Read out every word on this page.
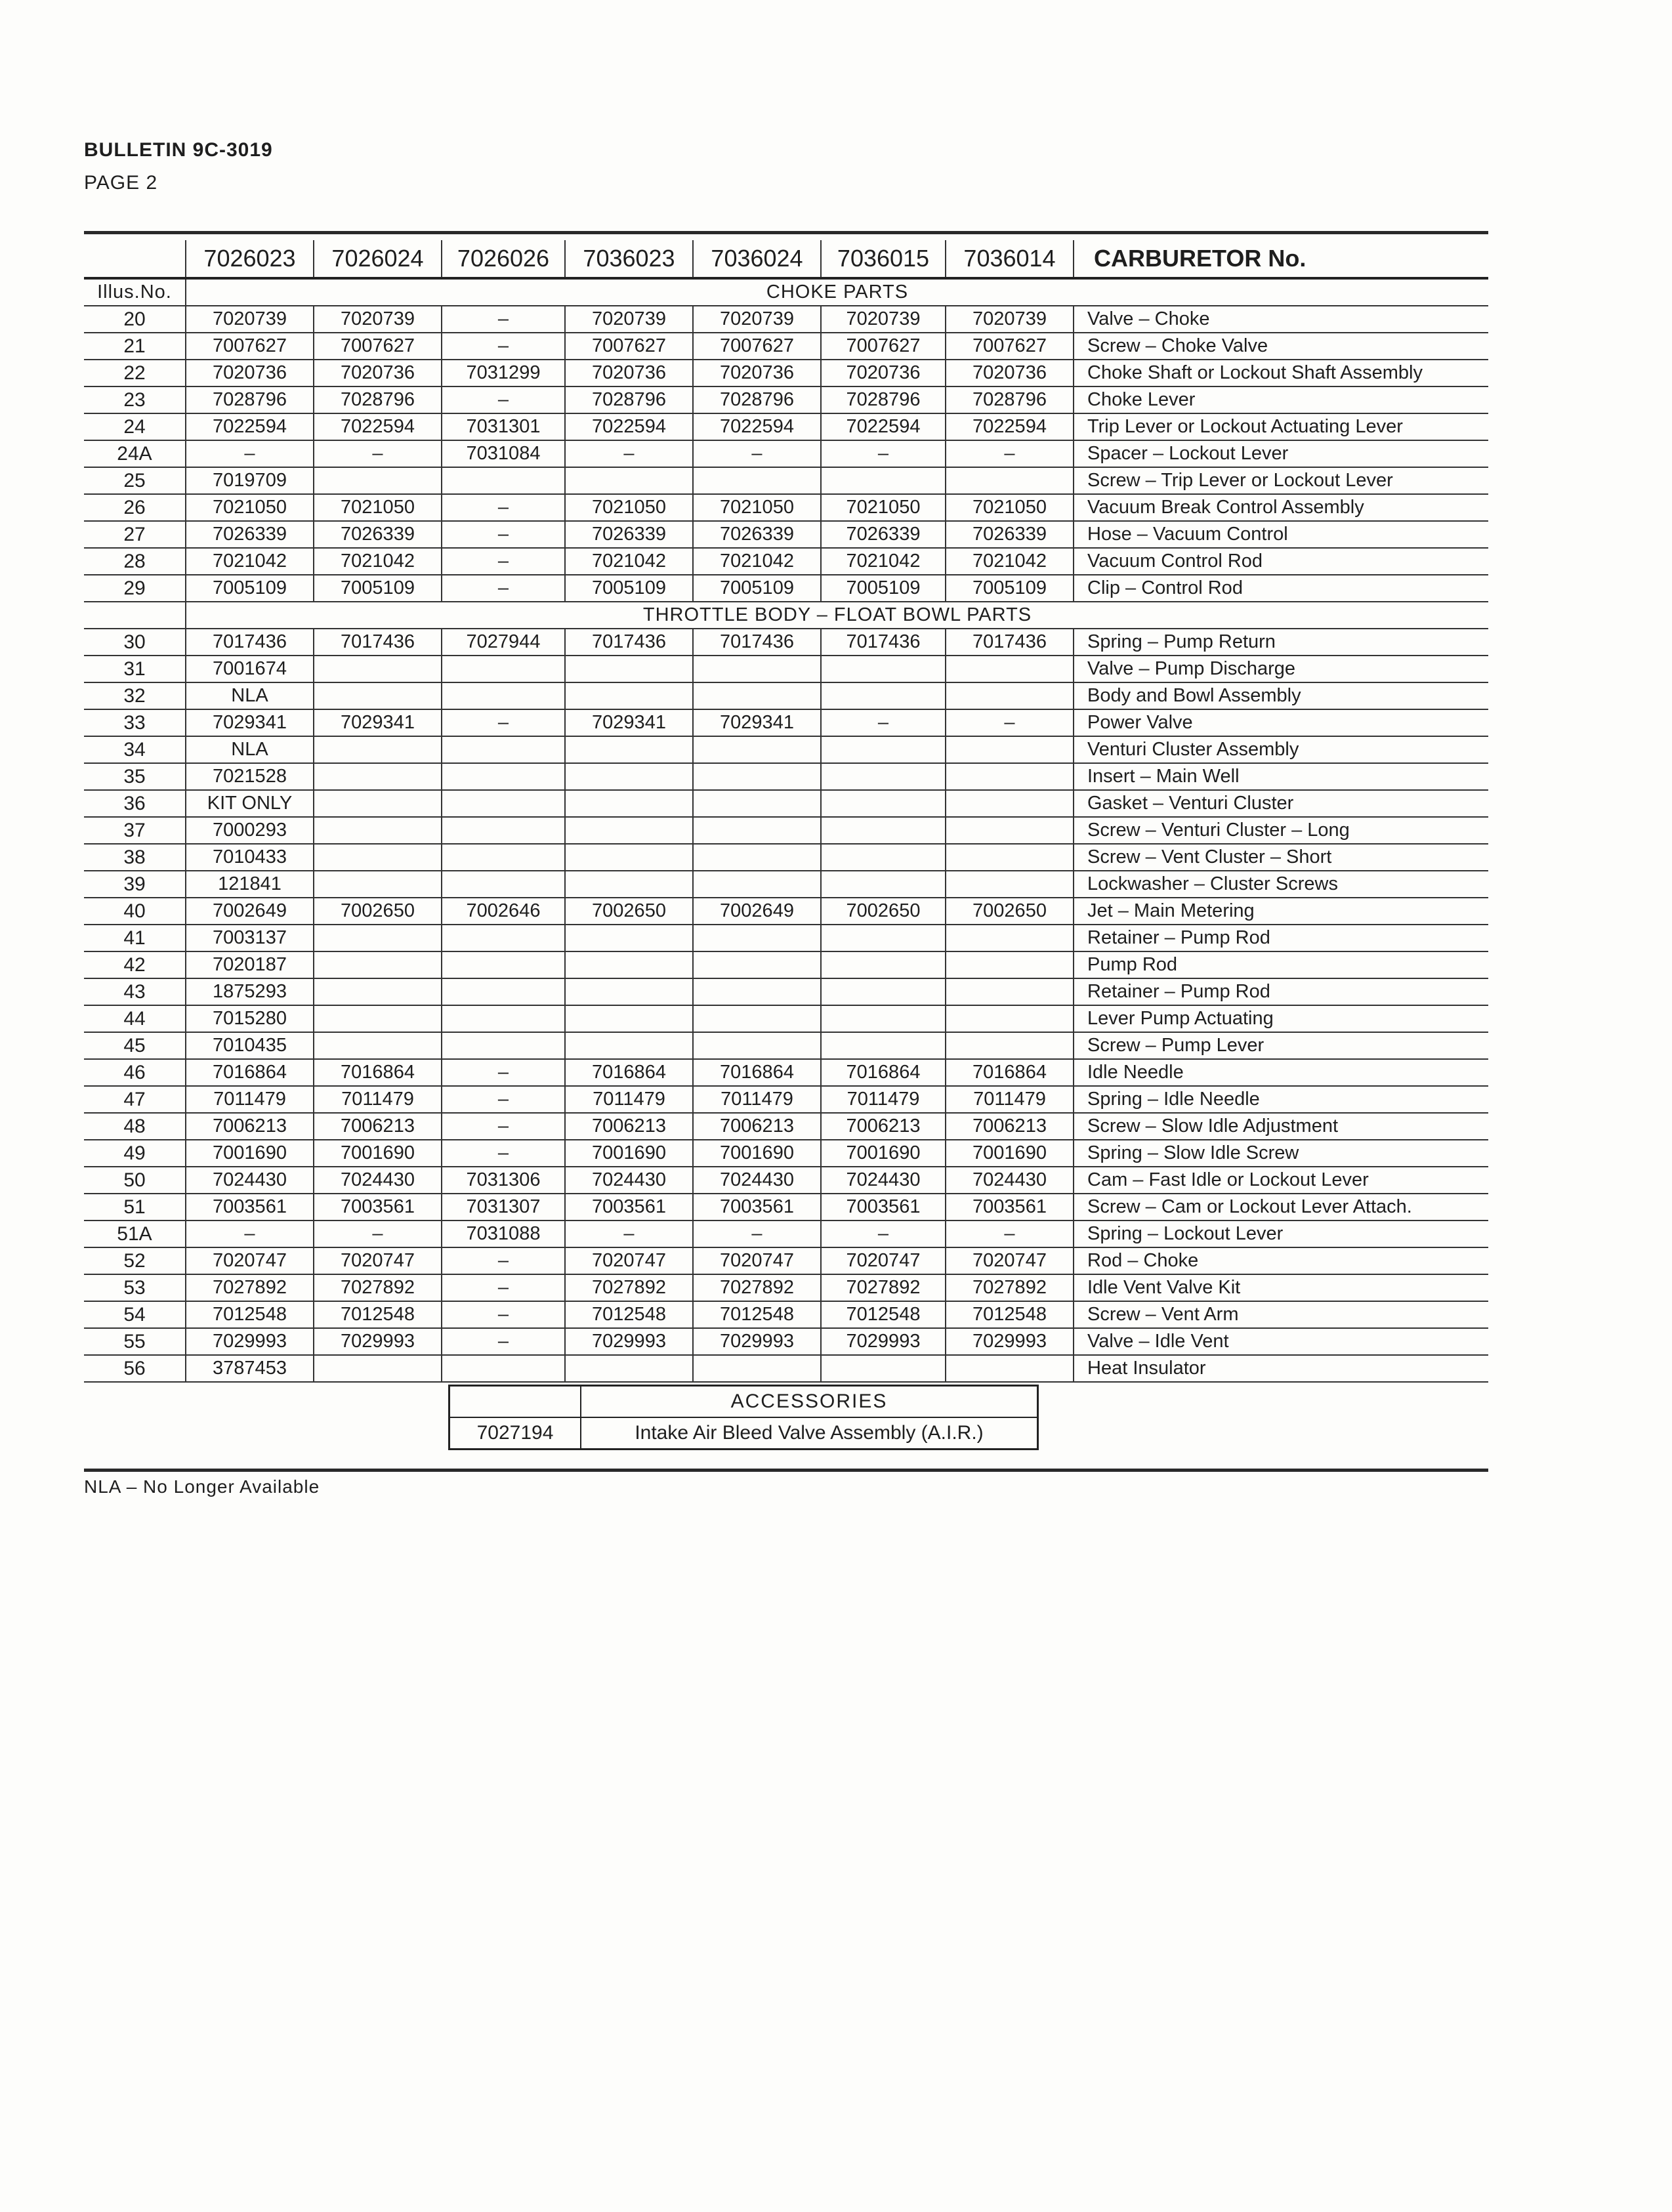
BULLETIN 9C-3019
PAGE 2
	7026023	7026024	7026026	7036023	7036024	7036015	7036014	CARBURETOR No.
Illus.No.	CHOKE PARTS							
20	7020739	7020739	–	7020739	7020739	7020739	7020739	Valve – Choke
21	7007627	7007627	–	7007627	7007627	7007627	7007627	Screw – Choke Valve
22	7020736	7020736	7031299	7020736	7020736	7020736	7020736	Choke Shaft or Lockout Shaft Assembly
23	7028796	7028796	–	7028796	7028796	7028796	7028796	Choke Lever
24	7022594	7022594	7031301	7022594	7022594	7022594	7022594	Trip Lever or Lockout Actuating Lever
24A	–	–	7031084	–	–	–	–	Spacer – Lockout Lever
25	7019709							Screw – Trip Lever or Lockout Lever
26	7021050	7021050	–	7021050	7021050	7021050	7021050	Vacuum Break Control Assembly
27	7026339	7026339	–	7026339	7026339	7026339	7026339	Hose – Vacuum Control
28	7021042	7021042	–	7021042	7021042	7021042	7021042	Vacuum Control Rod
29	7005109	7005109	–	7005109	7005109	7005109	7005109	Clip – Control Rod
	THROTTLE BODY – FLOAT BOWL PARTS							
30	7017436	7017436	7027944	7017436	7017436	7017436	7017436	Spring – Pump Return
31	7001674							Valve – Pump Discharge
32	NLA							Body and Bowl Assembly
33	7029341	7029341	–	7029341	7029341	–	–	Power Valve
34	NLA							Venturi Cluster Assembly
35	7021528							Insert – Main Well
36	KIT ONLY							Gasket – Venturi Cluster
37	7000293							Screw – Venturi Cluster – Long
38	7010433							Screw – Vent Cluster – Short
39	121841							Lockwasher – Cluster Screws
40	7002649	7002650	7002646	7002650	7002649	7002650	7002650	Jet – Main Metering
41	7003137							Retainer – Pump Rod
42	7020187							Pump Rod
43	1875293							Retainer – Pump Rod
44	7015280							Lever Pump Actuating
45	7010435							Screw – Pump Lever
46	7016864	7016864	–	7016864	7016864	7016864	7016864	Idle Needle
47	7011479	7011479	–	7011479	7011479	7011479	7011479	Spring – Idle Needle
48	7006213	7006213	–	7006213	7006213	7006213	7006213	Screw – Slow Idle Adjustment
49	7001690	7001690	–	7001690	7001690	7001690	7001690	Spring – Slow Idle Screw
50	7024430	7024430	7031306	7024430	7024430	7024430	7024430	Cam – Fast Idle or Lockout Lever
51	7003561	7003561	7031307	7003561	7003561	7003561	7003561	Screw – Cam or Lockout Lever Attach.
51A	–	–	7031088	–	–	–	–	Spring – Lockout Lever
52	7020747	7020747	–	7020747	7020747	7020747	7020747	Rod – Choke
53	7027892	7027892	–	7027892	7027892	7027892	7027892	Idle Vent Valve Kit
54	7012548	7012548	–	7012548	7012548	7012548	7012548	Screw – Vent Arm
55	7029993	7029993	–	7029993	7029993	7029993	7029993	Valve – Idle Vent
56	3787453							Heat Insulator
	ACCESSORIES
7027194	Intake Air Bleed Valve Assembly (A.I.R.)
NLA – No Longer Available
